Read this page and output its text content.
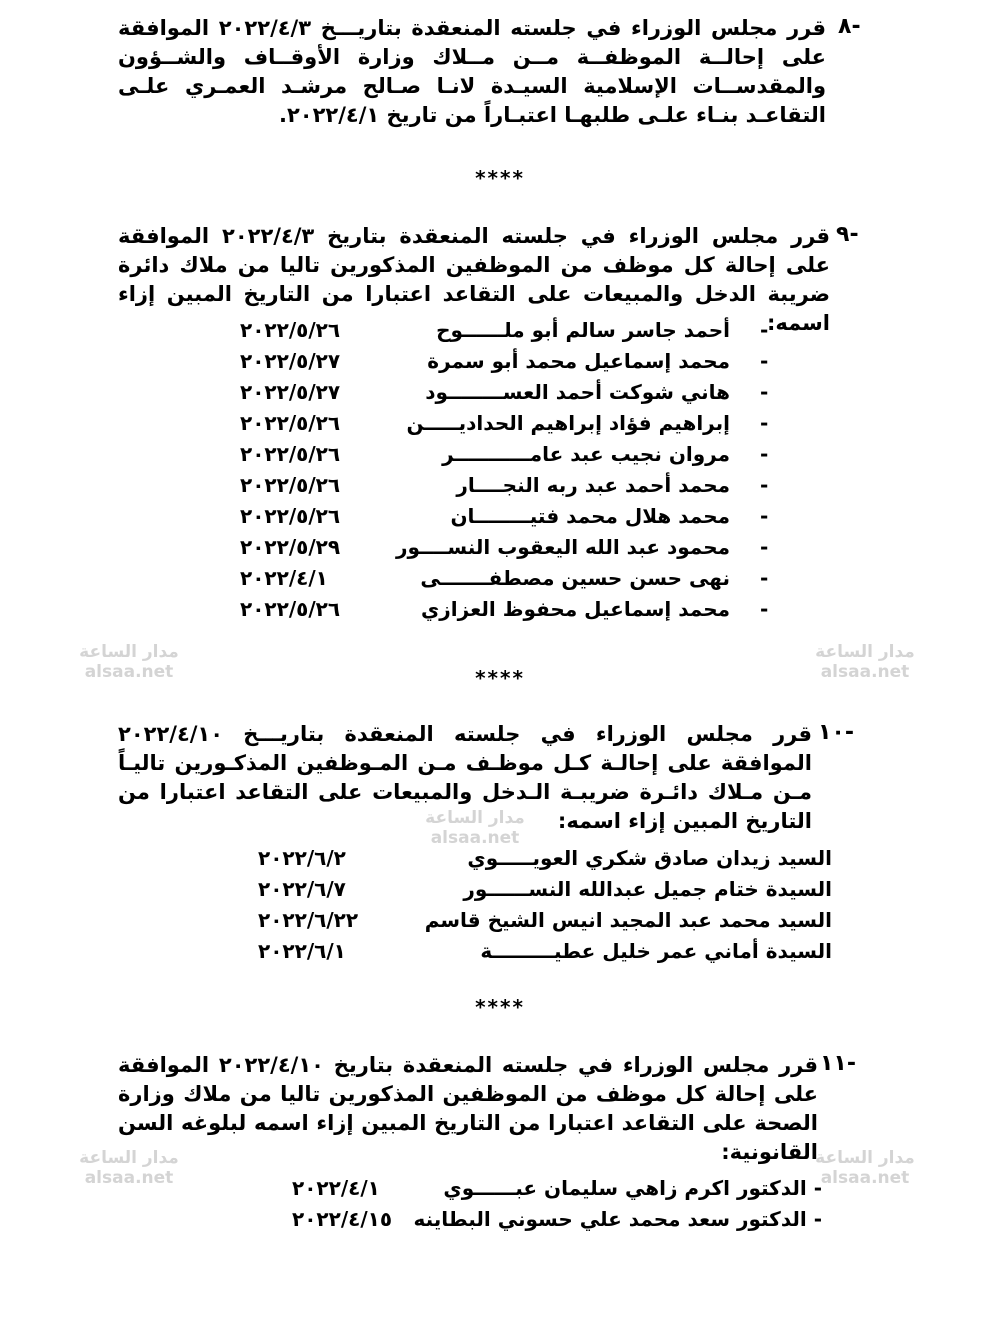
٨-

قرر مجلس الوزراء في جلسته المنعقدة بتاريـــخ ٢٠٢٢/٤/٣ الموافقة على إحالــة الموظفــة مــن مــلاك وزارة الأوقــاف والشــؤون والمقدســات الإسلامية السيـدة لانـا صـالح مرشـد العمـري علـى التقاعـد بنـاء علـى طلبهـا اعتبـاراً من تاريخ ٢٠٢٢/٤/١.

****
٩-

قرر مجلس الوزراء في جلسته المنعقدة بتاريخ ٢٠٢٢/٤/٣ الموافقة على إحالة كل موظف من الموظفين المذكورين تاليا من ملاك دائرة ضريبة الدخل والمبيعات على التقاعد اعتبارا من التاريخ المبين إزاء اسمه:

-
أحمد جاسر سالم أبو ملــــــوح
٢٠٢٢/٥/٢٦
-
محمد إسماعيل محمد أبو سمرة
٢٠٢٢/٥/٢٧
-
هاني شوكت أحمد العســــــــود
٢٠٢٢/٥/٢٧
-
إبراهيم فؤاد إبراهيم الحدادیـــــن
٢٠٢٢/٥/٢٦
-
مروان نجيب عبد عامـــــــــــر
٢٠٢٢/٥/٢٦
-
محمد أحمد عبد ربه النجــــار
٢٠٢٢/٥/٢٦
-
محمد هلال محمد فتيــــــــان
٢٠٢٢/٥/٢٦
-
محمود عبد الله اليعقوب النســــور
٢٠٢٢/٥/٢٩
-
نهى حسن حسين مصطفـــــــى
٢٠٢٢/٤/١
-
محمد إسماعيل محفوظ العزازي
٢٠٢٢/٥/٢٦
****
١٠-

قرر مجلس الوزراء في جلسته المنعقدة بتاريـــخ ٢٠٢٢/٤/١٠ الموافقة على إحالـة كـل موظـف مـن المـوظفين المذكـورين تاليـاً مـن مـلاك دائـرة ضريبـة الـدخل والمبيعات على التقاعد اعتبارا من التاريخ المبين إزاء اسمه:

السيد زيدان صادق شكري العويـــــوي
٢٠٢٢/٦/٢
السيدة ختام جميل عبدالله النســــــور
٢٠٢٢/٦/٧
السيد محمد عبد المجيد انيس الشيخ قاسم
٢٠٢٢/٦/٢٢
السيدة أماني عمر خليل عطيـــــــــة
٢٠٢٢/٦/١
****
١١-

قرر مجلس الوزراء في جلسته المنعقدة بتاريخ ٢٠٢٢/٤/١٠ الموافقة على إحالة كل موظف من الموظفين المذكورين تاليا من ملاك وزارة الصحة على التقاعد اعتبارا من التاريخ المبين إزاء اسمه لبلوغه السن القانونية:

- الدكتور اكرم زاهي سليمان عبــــــوي
٢٠٢٢/٤/١
- الدكتور سعد محمد علي حسوني البطاينه
٢٠٢٢/٤/١٥
مدار الساعة
alsaa.net
مدار الساعة
alsaa.net
مدار الساعة
alsaa.net
مدار الساعة
alsaa.net
مدار الساعة
alsaa.net
